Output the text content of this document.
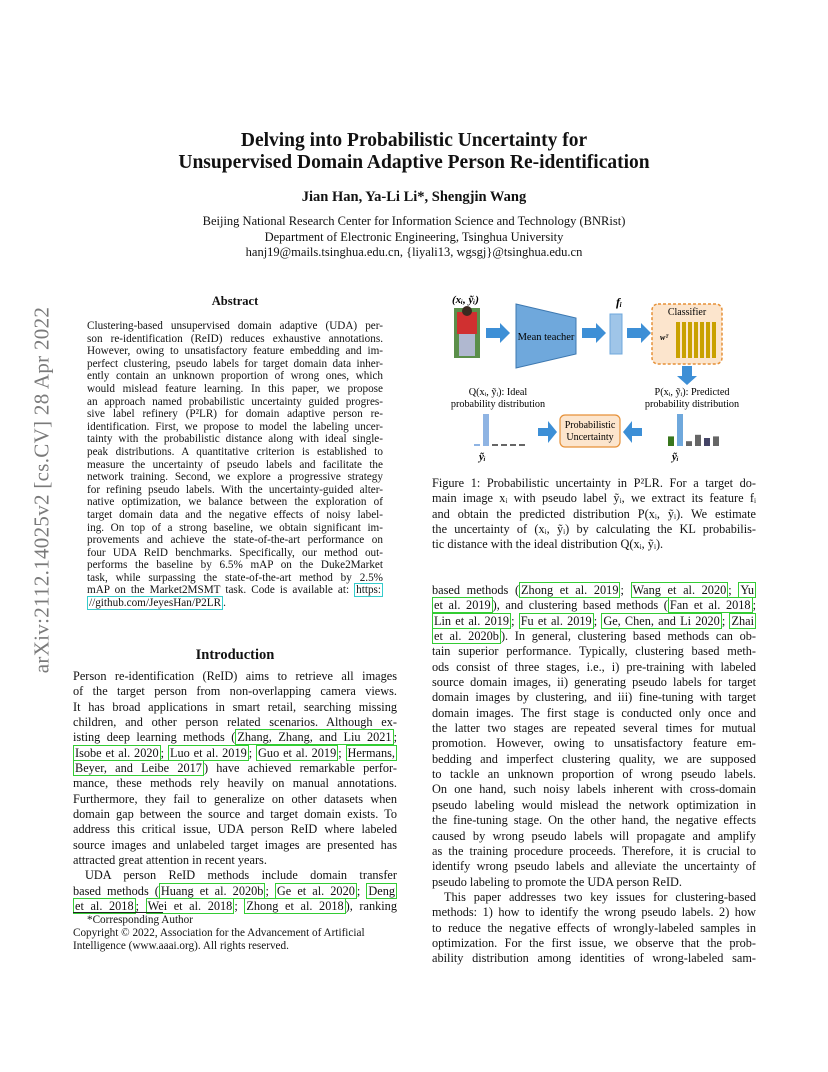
arXiv:2112.14025v2 [cs.CV] 28 Apr 2022
Delving into Probabilistic Uncertainty for
Unsupervised Domain Adaptive Person Re-identification
Jian Han, Ya-Li Li*, Shengjin Wang
Beijing National Research Center for Information Science and Technology (BNRist)
Department of Electronic Engineering, Tsinghua University
hanj19@mails.tsinghua.edu.cn, {liyali13, wgsgj}@tsinghua.edu.cn
Abstract
Clustering-based unsupervised domain adaptive (UDA) per-
son re-identification (ReID) reduces exhaustive annotations.
However, owing to unsatisfactory feature embedding and im-
perfect clustering, pseudo labels for target domain data inher-
ently contain an unknown proportion of wrong ones, which
would mislead feature learning. In this paper, we propose
an approach named probabilistic uncertainty guided progres-
sive label refinery (P²LR) for domain adaptive person re-
identification. First, we propose to model the labeling uncer-
tainty with the probabilistic distance along with ideal single-
peak distributions. A quantitative criterion is established to
measure the uncertainty of pseudo labels and facilitate the
network training. Second, we explore a progressive strategy
for refining pseudo labels. With the uncertainty-guided alter-
native optimization, we balance between the exploration of
target domain data and the negative effects of noisy label-
ing. On top of a strong baseline, we obtain significant im-
provements and achieve the state-of-the-art performance on
four UDA ReID benchmarks. Specifically, our method out-
performs the baseline by 6.5% mAP on the Duke2Market
task, while surpassing the state-of-the-art method by 2.5%
mAP on the Market2MSMT task. Code is available at: https:
//github.com/JeyesHan/P2LR .
Introduction
Person re-identification (ReID) aims to retrieve all images
of the target person from non-overlapping camera views.
It has broad applications in smart retail, searching missing
children, and other person related scenarios. Although ex-
isting deep learning methods ( Zhang, Zhang, and Liu 2021 ;
Isobe et al. 2020 ; Luo et al. 2019 ; Guo et al. 2019 ; Hermans,
Beyer, and Leibe 2017 ) have achieved remarkable perfor-
mance, these methods rely heavily on manual annotations.
Furthermore, they fail to generalize on other datasets when
domain gap between the source and target domain exists. To
address this critical issue, UDA person ReID where labeled
source images and unlabeled target images are presented has
attracted great attention in recent years.
UDA person ReID methods include domain transfer
based methods ( Huang et al. 2020b ; Ge et al. 2020 ; Deng
et al. 2018 ; Wei et al. 2018 ; Zhong et al. 2018 ), ranking
*Corresponding Author
Copyright © 2022, Association for the Advancement of Artificial
Intelligence (www.aaai.org). All rights reserved.
(xᵢ, ỹᵢ)
Mean teacher
fᵢ
Classifier
wᵀ
Q(xᵢ, ỹᵢ): Ideal
probability distribution
P(xᵢ, ỹᵢ): Predicted
probability distribution
ỹᵢ	ỹᵢ
Probabilistic
Uncertainty
Figure 1: Probabilistic uncertainty in P²LR. For a target do-
main image xᵢ with pseudo label ỹᵢ, we extract its feature fᵢ
and obtain the predicted distribution P(xᵢ, ỹᵢ). We estimate
the uncertainty of (xᵢ, ỹᵢ) by calculating the KL probabilis-
tic distance with the ideal distribution Q(xᵢ, ỹᵢ).
based methods ( Zhong et al. 2019 ; Wang et al. 2020 ; Yu
et al. 2019 ), and clustering based methods ( Fan et al. 2018 ;
Lin et al. 2019 ; Fu et al. 2019 ; Ge, Chen, and Li 2020 ; Zhai
et al. 2020b ). In general, clustering based methods can ob-
tain superior performance. Typically, clustering based meth-
ods consist of three stages, i.e., i) pre-training with labeled
source domain images, ii) generating pseudo labels for target
domain images by clustering, and iii) fine-tuning with target
domain images. The first stage is conducted only once and
the latter two stages are repeated several times for mutual
promotion. However, owing to unsatisfactory feature em-
bedding and imperfect clustering quality, we are supposed
to tackle an unknown proportion of wrong pseudo labels.
On one hand, such noisy labels inherent with cross-domain
pseudo labeling would mislead the network optimization in
the fine-tuning stage. On the other hand, the negative effects
caused by wrong pseudo labels will propagate and amplify
as the training procedure proceeds. Therefore, it is crucial to
identify wrong pseudo labels and alleviate the uncertainty of
pseudo labeling to promote the UDA person ReID.
This paper addresses two key issues for clustering-based
methods: 1) how to identify the wrong pseudo labels. 2) how
to reduce the negative effects of wrongly-labeled samples in
optimization. For the first issue, we observe that the prob-
ability distribution among identities of wrong-labeled sam-
